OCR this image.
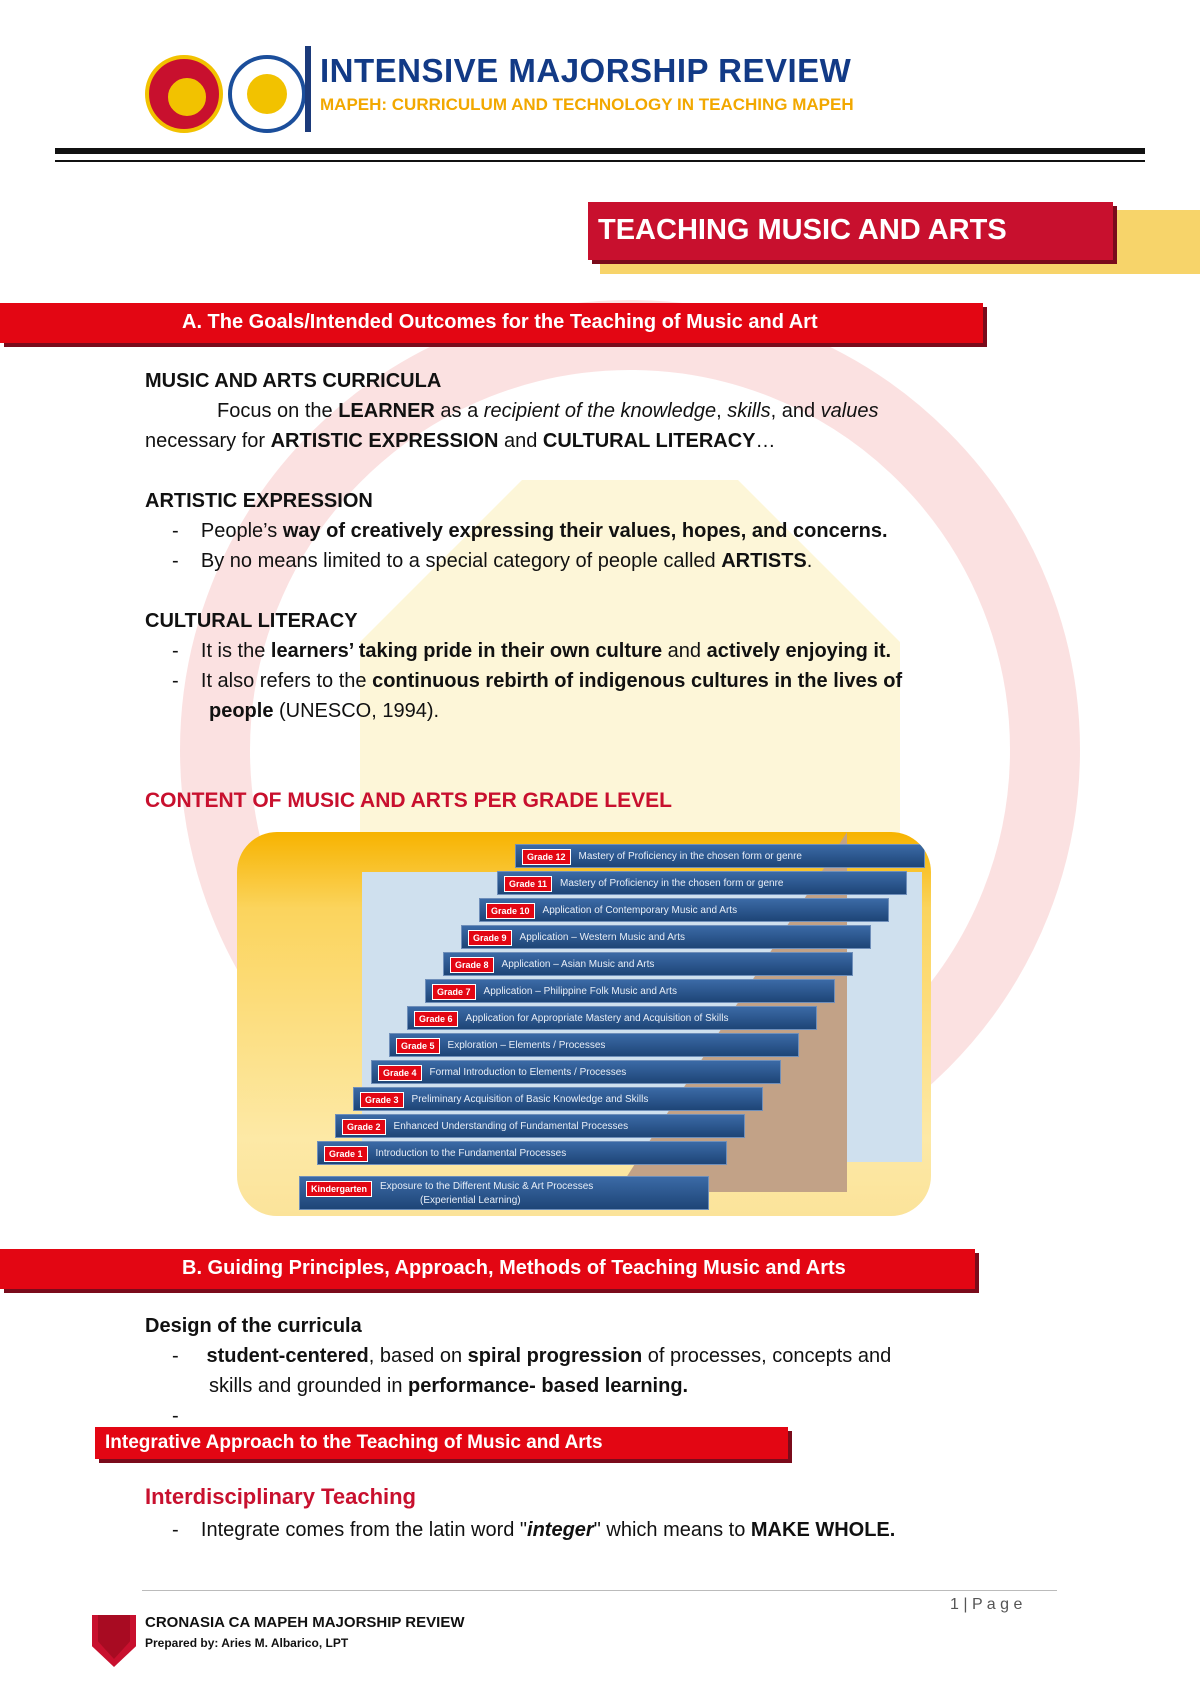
INTENSIVE MAJORSHIP REVIEW
MAPEH: CURRICULUM AND TECHNOLOGY IN TEACHING MAPEH
TEACHING MUSIC AND ARTS
A. The Goals/Intended Outcomes for the Teaching of Music and Art
MUSIC AND ARTS CURRICULA
Focus on the LEARNER as a recipient of the knowledge, skills, and values
necessary for ARTISTIC EXPRESSION and CULTURAL LITERACY…
ARTISTIC EXPRESSION
-    People’s way of creatively expressing their values, hopes, and concerns.
-    By no means limited to a special category of people called ARTISTS.
CULTURAL LITERACY
-    It is the learners’ taking pride in their own culture and actively enjoying it.
-    It also refers to the continuous rebirth of indigenous cultures in the lives of
people (UNESCO, 1994).
CONTENT OF MUSIC AND ARTS PER GRADE LEVEL
Grade 12 Mastery of Proficiency in the chosen form or genre
Grade 11 Mastery of Proficiency in the chosen form or genre
Grade 10 Application of Contemporary Music and Arts
Grade 9 Application – Western Music and Arts
Grade 8 Application – Asian Music and Arts
Grade 7 Application – Philippine Folk Music and Arts
Grade 6 Application for Appropriate Mastery and Acquisition of Skills
Grade 5 Exploration – Elements / Processes
Grade 4 Formal Introduction to Elements / Processes
Grade 3 Preliminary Acquisition of Basic Knowledge and Skills
Grade 2 Enhanced Understanding of Fundamental Processes
Grade 1 Introduction to the Fundamental Processes
Kindergarten Exposure to the Different Music & Art Processes
(Experiential Learning)
B. Guiding Principles, Approach, Methods of Teaching Music and Arts
Design of the curricula
-     student-centered, based on spiral progression of processes, concepts and
skills and grounded in performance- based learning.
-
Integrative Approach to the Teaching of Music and Arts
Interdisciplinary Teaching
-    Integrate comes from the latin word "integer" which means to MAKE WHOLE.
1 | P a g e
CRONASIA CA MAPEH MAJORSHIP REVIEW
Prepared by: Aries M. Albarico, LPT
